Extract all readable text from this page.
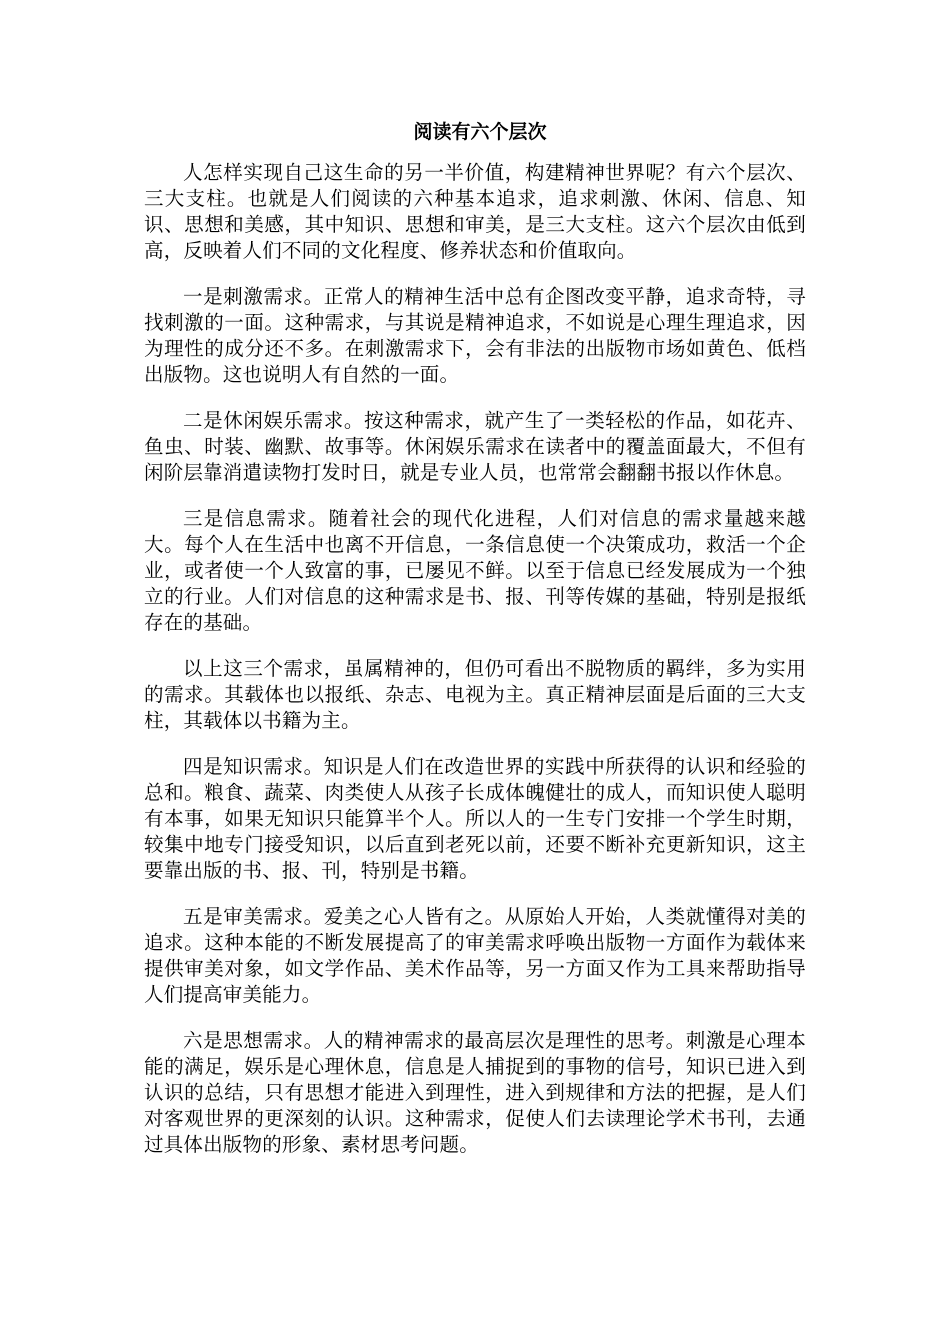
阅读有六个层次

人怎样实现自己这生命的另一半价值，构建精神世界呢？有六个层次、三大支柱。也就是人们阅读的六种基本追求，追求刺激、休闲、信息、知识、思想和美感，其中知识、思想和审美，是三大支柱。这六个层次由低到高，反映着人们不同的文化程度、修养状态和价值取向。

一是刺激需求。正常人的精神生活中总有企图改变平静，追求奇特，寻找刺激的一面。这种需求，与其说是精神追求，不如说是心理生理追求，因为理性的成分还不多。在刺激需求下，会有非法的出版物市场如黄色、低档出版物。这也说明人有自然的一面。

二是休闲娱乐需求。按这种需求，就产生了一类轻松的作品，如花卉、鱼虫、时装、幽默、故事等。休闲娱乐需求在读者中的覆盖面最大，不但有闲阶层靠消遣读物打发时日，就是专业人员，也常常会翻翻书报以作休息。

三是信息需求。随着社会的现代化进程，人们对信息的需求量越来越大。每个人在生活中也离不开信息，一条信息使一个决策成功，救活一个企业，或者使一个人致富的事，已屡见不鲜。以至于信息已经发展成为一个独立的行业。人们对信息的这种需求是书、报、刊等传媒的基础，特别是报纸存在的基础。

以上这三个需求，虽属精神的，但仍可看出不脱物质的羁绊，多为实用的需求。其载体也以报纸、杂志、电视为主。真正精神层面是后面的三大支柱，其载体以书籍为主。

四是知识需求。知识是人们在改造世界的实践中所获得的认识和经验的总和。粮食、蔬菜、肉类使人从孩子长成体魄健壮的成人，而知识使人聪明有本事，如果无知识只能算半个人。所以人的一生专门安排一个学生时期，较集中地专门接受知识，以后直到老死以前，还要不断补充更新知识，这主要靠出版的书、报、刊，特别是书籍。

五是审美需求。爱美之心人皆有之。从原始人开始，人类就懂得对美的追求。这种本能的不断发展提高了的审美需求呼唤出版物一方面作为载体来提供审美对象，如文学作品、美术作品等，另一方面又作为工具来帮助指导人们提高审美能力。

六是思想需求。人的精神需求的最高层次是理性的思考。刺激是心理本能的满足，娱乐是心理休息，信息是人捕捉到的事物的信号，知识已进入到认识的总结，只有思想才能进入到理性，进入到规律和方法的把握，是人们对客观世界的更深刻的认识。这种需求，促使人们去读理论学术书刊，去通过具体出版物的形象、素材思考问题。
